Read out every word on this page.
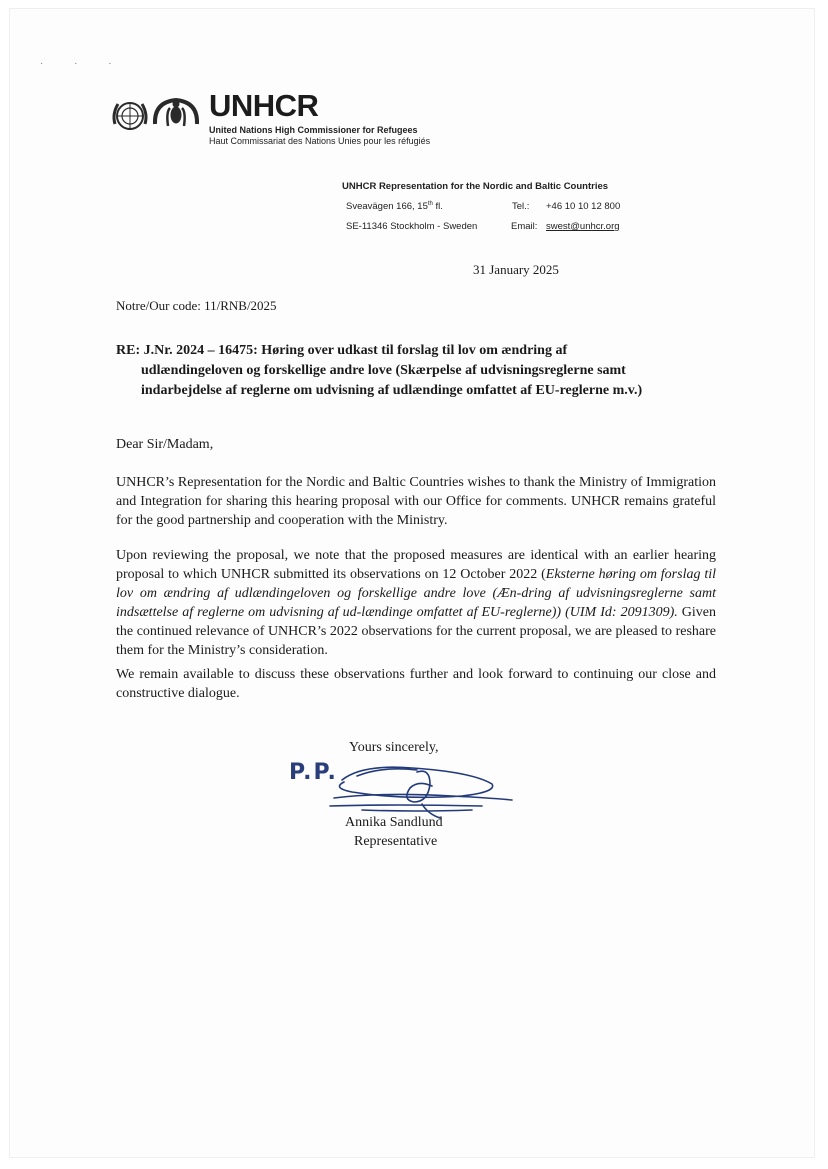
· · ·
UNHCR
United Nations High Commissioner for Refugees
Haut Commissariat des Nations Unies pour les réfugiés
UNHCR Representation for the Nordic and Baltic Countries
Sveavägen 166, 15th fl.
SE-11346 Stockholm - Sweden
Tel.: +46 10 10 12 800
Email: swest@unhcr.org
31 January 2025
Notre/Our code: 11/RNB/2025
RE: J.Nr. 2024 – 16475: Høring over udkast til forslag til lov om ændring af
udlændingeloven og forskellige andre love (Skærpelse af udvisningsreglerne samt
indarbejdelse af reglerne om udvisning af udlændinge omfattet af EU-reglerne m.v.)
Dear Sir/Madam,
UNHCR’s Representation for the Nordic and Baltic Countries wishes to thank the Ministry of Immigration and Integration for sharing this hearing proposal with our Office for comments. UNHCR remains grateful for the good partnership and cooperation with the Ministry.
Upon reviewing the proposal, we note that the proposed measures are identical with an earlier hearing proposal to which UNHCR submitted its observations on 12 October 2022 (Eksterne høring om forslag til lov om ændring af udlændingeloven og forskellige andre love (Æn-dring af udvisningsreglerne samt indsættelse af reglerne om udvisning af ud-lændinge omfattet af EU-reglerne)) (UIM Id: 2091309). Given the continued relevance of UNHCR’s 2022 observations for the current proposal, we are pleased to reshare them for the Ministry’s consideration.
We remain available to discuss these observations further and look forward to continuing our close and constructive dialogue.
Yours sincerely,
P.P.
Annika Sandlund
Representative
